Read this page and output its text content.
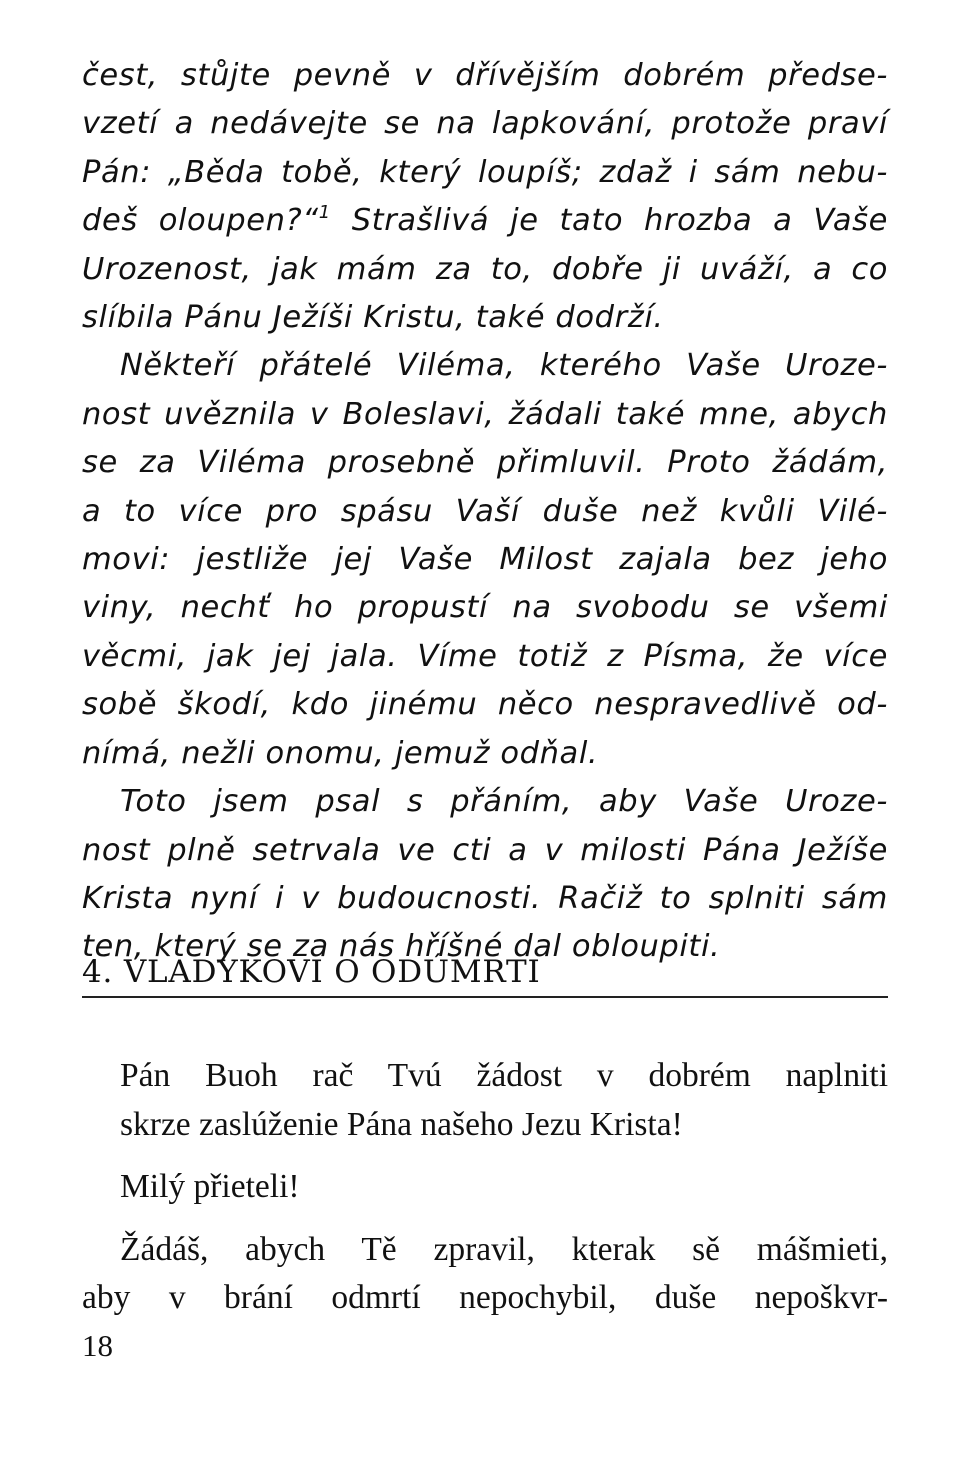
čest, stůjte pevně v dřívějším dobrém předse-
vzetí a nedávejte se na lapkování, protože praví
Pán: „Běda tobě, který loupíš; zdaž i sám nebu-
deš oloupen?“$^1$ Strašlivá je tato hrozba a Vaše
Urozenost, jak mám za to, dobře ji uváží, a co
slíbila Pánu Ježíši Kristu, také dodrží.
Někteří přátelé Viléma, kterého Vaše Uroze-
nost uvěznila v Boleslavi, žádali také mne, abych
se za Viléma prosebně přimluvil. Proto žádám,
a to více pro spásu Vaší duše než kvůli Vilé-
movi: jestliže jej Vaše Milost zajala bez jeho
viny, nechť ho propustí na svobodu se všemi
věcmi, jak jej jala. Víme totiž z Písma, že více
sobě škodí, kdo jinému něco nespravedlivě od-
nímá, nežli onomu, jemuž odňal.
Toto jsem psal s přáním, aby Vaše Uroze-
nost plně setrvala ve cti a v milosti Pána Ježíše
Krista nyní i v budoucnosti. Račiž to splniti sám
ten, který se za nás hříšné dal obloupiti.
4. VLADYKOVI O ODÚMRTI
Pán Buoh rač Tvú žádost v dobrém naplniti
skrze zaslúženie Pána našeho Jezu Krista!
Milý přieteli!
Žádáš, abych Tě zpravil, kterak sě mášmieti,
aby v brání odmrtí nepochybil, duše nepoškvr-
18
